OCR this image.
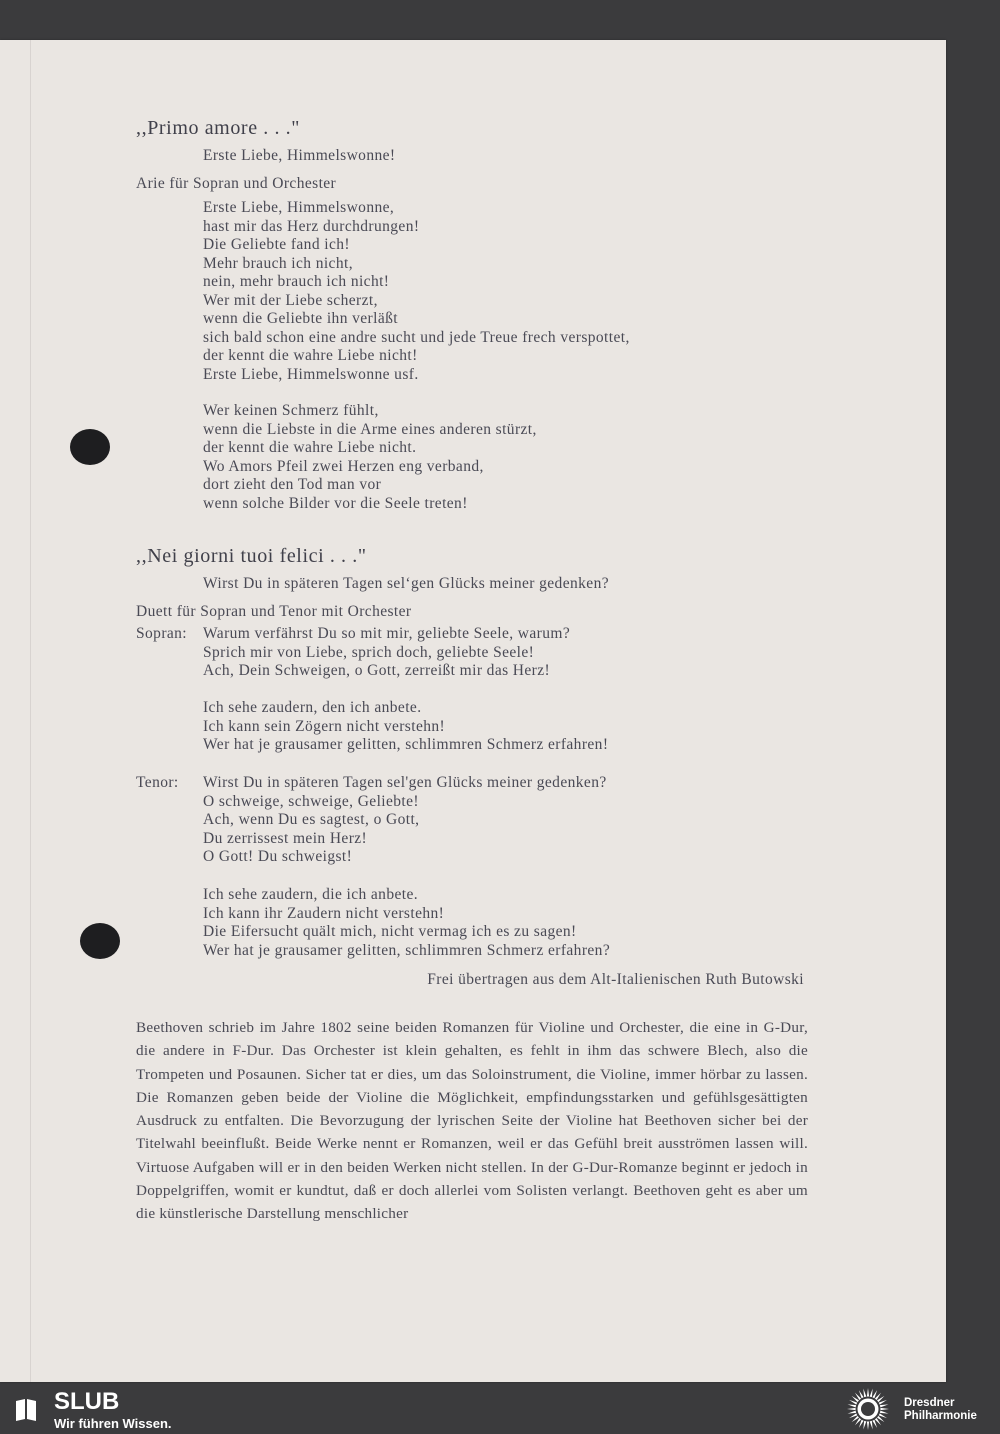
,,Primo amore . . ."
Erste Liebe, Himmelswonne!
Arie für Sopran und Orchester
Erste Liebe, Himmelswonne,
hast mir das Herz durchdrungen!
Die Geliebte fand ich!
Mehr brauch ich nicht,
nein, mehr brauch ich nicht!
Wer mit der Liebe scherzt,
wenn die Geliebte ihn verläßt
sich bald schon eine andre sucht und jede Treue frech verspottet,
der kennt die wahre Liebe nicht!
Erste Liebe, Himmelswonne usf.
Wer keinen Schmerz fühlt,
wenn die Liebste in die Arme eines anderen stürzt,
der kennt die wahre Liebe nicht.
Wo Amors Pfeil zwei Herzen eng verband,
dort zieht den Tod man vor
wenn solche Bilder vor die Seele treten!
,,Nei giorni tuoi felici . . ."
Wirst Du in späteren Tagen sel‘gen Glücks meiner gedenken?
Duett für Sopran und Tenor mit Orchester
Sopran: Warum verfährst Du so mit mir, geliebte Seele, warum?
Sprich mir von Liebe, sprich doch, geliebte Seele!
Ach, Dein Schweigen, o Gott, zerreißt mir das Herz!
Ich sehe zaudern, den ich anbete.
Ich kann sein Zögern nicht verstehn!
Wer hat je grausamer gelitten, schlimmren Schmerz erfahren!
Tenor: Wirst Du in späteren Tagen sel'gen Glücks meiner gedenken?
O schweige, schweige, Geliebte!
Ach, wenn Du es sagtest, o Gott,
Du zerrissest mein Herz!
O Gott! Du schweigst!
Ich sehe zaudern, die ich anbete.
Ich kann ihr Zaudern nicht verstehn!
Die Eifersucht quält mich, nicht vermag ich es zu sagen!
Wer hat je grausamer gelitten, schlimmren Schmerz erfahren?
Frei übertragen aus dem Alt-Italienischen Ruth Butowski
Beethoven schrieb im Jahre 1802 seine beiden Romanzen für Violine und Orchester, die eine in G-Dur, die andere in F-Dur. Das Orchester ist klein gehalten, es fehlt in ihm das schwere Blech, also die Trompeten und Posaunen. Sicher tat er dies, um das Soloinstrument, die Violine, immer hörbar zu lassen. Die Romanzen geben beide der Violine die Möglichkeit, empfindungsstarken und gefühlsgesättigten Ausdruck zu entfalten. Die Bevorzugung der lyrischen Seite der Violine hat Beethoven sicher bei der Titelwahl beeinflußt. Beide Werke nennt er Romanzen, weil er das Gefühl breit ausströmen lassen will. Virtuose Aufgaben will er in den beiden Werken nicht stellen. In der G-Dur-Romanze beginnt er jedoch in Doppelgriffen, womit er kundtut, daß er doch allerlei vom Solisten verlangt. Beethoven geht es aber um die künstlerische Darstellung menschlicher
SLUB
Wir führen Wissen.
Dresdner
Philharmonie
